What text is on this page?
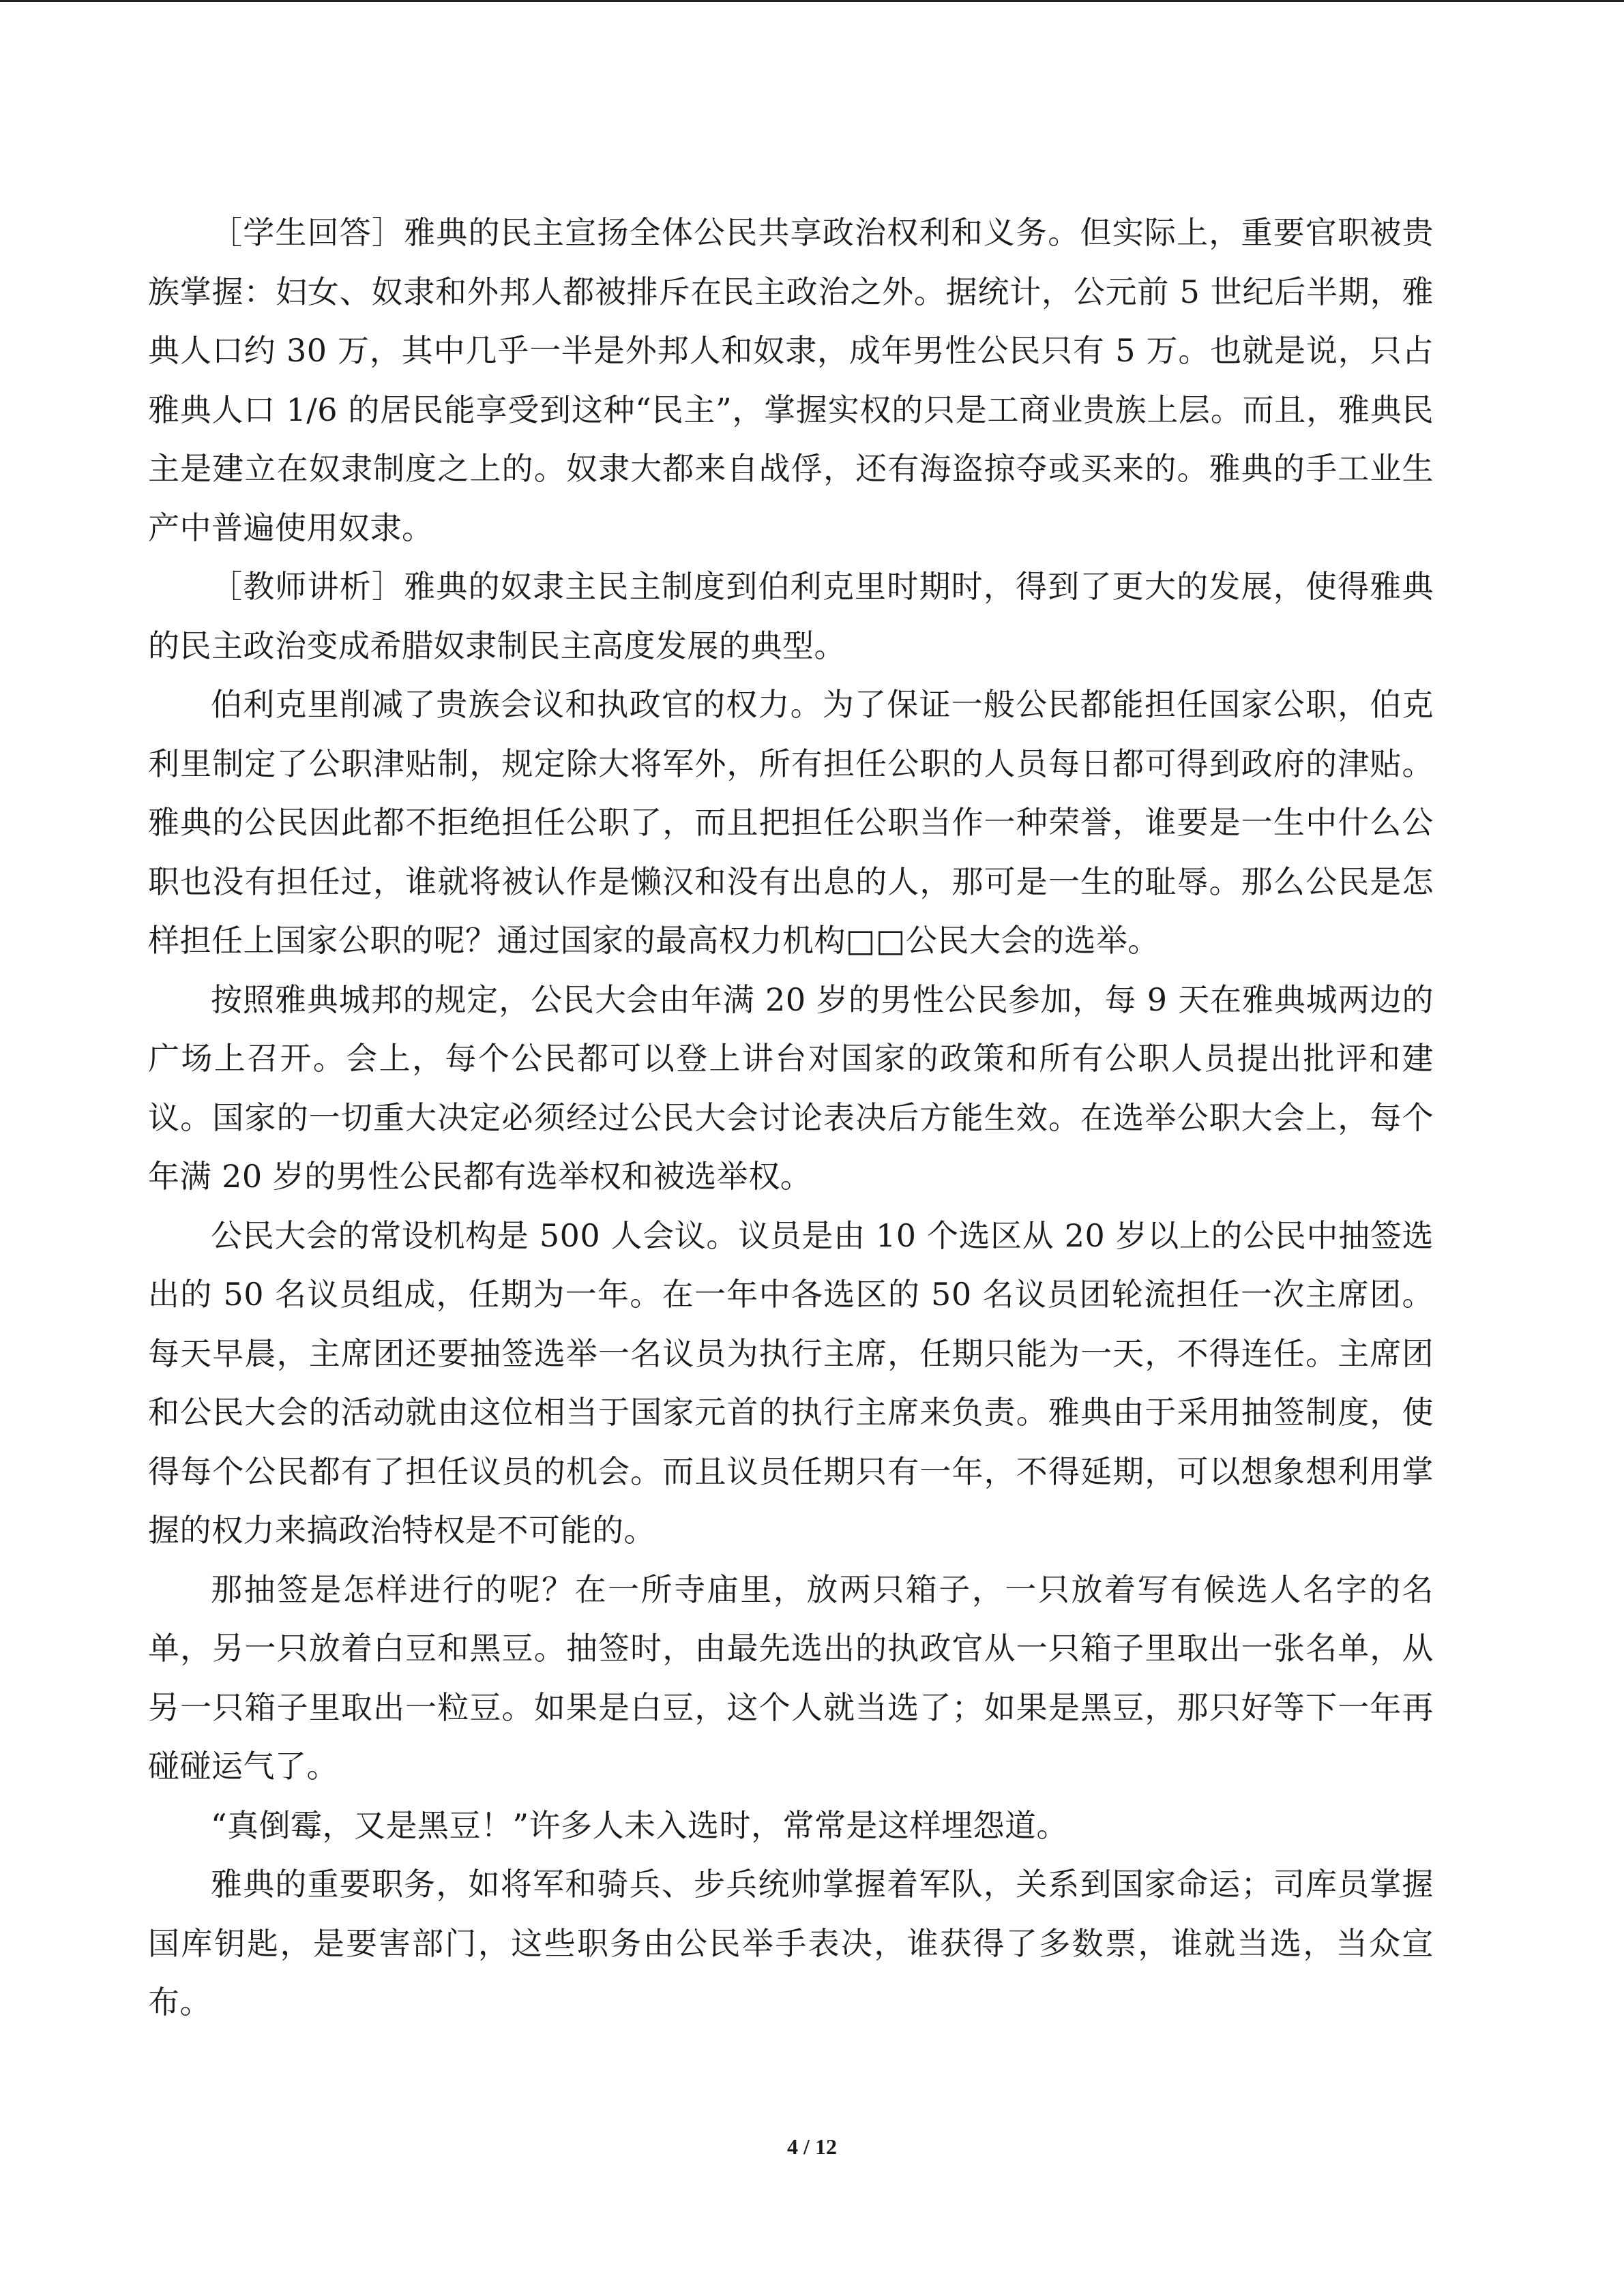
［学生回答］雅典的民主宣扬全体公民共享政治权利和义务。但实际上，重要官职被贵族掌握：妇女、奴隶和外邦人都被排斥在民主政治之外。据统计，公元前 5 世纪后半期，雅典人口约 30 万，其中几乎一半是外邦人和奴隶，成年男性公民只有 5 万。也就是说，只占雅典人口 1/6 的居民能享受到这种“民主”，掌握实权的只是工商业贵族上层。而且，雅典民主是建立在奴隶制度之上的。奴隶大都来自战俘，还有海盗掠夺或买来的。雅典的手工业生产中普遍使用奴隶。

［教师讲析］雅典的奴隶主民主制度到伯利克里时期时，得到了更大的发展，使得雅典的民主政治变成希腊奴隶制民主高度发展的典型。

伯利克里削减了贵族会议和执政官的权力。为了保证一般公民都能担任国家公职，伯克利里制定了公职津贴制，规定除大将军外，所有担任公职的人员每日都可得到政府的津贴。雅典的公民因此都不拒绝担任公职了，而且把担任公职当作一种荣誉，谁要是一生中什么公职也没有担任过，谁就将被认作是懒汉和没有出息的人，那可是一生的耻辱。那么公民是怎样担任上国家公职的呢？通过国家的最高权力机构□□公民大会的选举。

按照雅典城邦的规定，公民大会由年满 20 岁的男性公民参加，每 9 天在雅典城两边的广场上召开。会上，每个公民都可以登上讲台对国家的政策和所有公职人员提出批评和建议。国家的一切重大决定必须经过公民大会讨论表决后方能生效。在选举公职大会上，每个年满 20 岁的男性公民都有选举权和被选举权。

公民大会的常设机构是 500 人会议。议员是由 10 个选区从 20 岁以上的公民中抽签选出的 50 名议员组成，任期为一年。在一年中各选区的 50 名议员团轮流担任一次主席团。每天早晨，主席团还要抽签选举一名议员为执行主席，任期只能为一天，不得连任。主席团和公民大会的活动就由这位相当于国家元首的执行主席来负责。雅典由于采用抽签制度，使得每个公民都有了担任议员的机会。而且议员任期只有一年，不得延期，可以想象想利用掌握的权力来搞政治特权是不可能的。

那抽签是怎样进行的呢？在一所寺庙里，放两只箱子，一只放着写有候选人名字的名单，另一只放着白豆和黑豆。抽签时，由最先选出的执政官从一只箱子里取出一张名单，从另一只箱子里取出一粒豆。如果是白豆，这个人就当选了；如果是黑豆，那只好等下一年再碰碰运气了。

“真倒霉，又是黑豆！”许多人未入选时，常常是这样埋怨道。

雅典的重要职务，如将军和骑兵、步兵统帅掌握着军队，关系到国家命运；司库员掌握国库钥匙，是要害部门，这些职务由公民举手表决，谁获得了多数票，谁就当选，当众宣布。

4 / 12
